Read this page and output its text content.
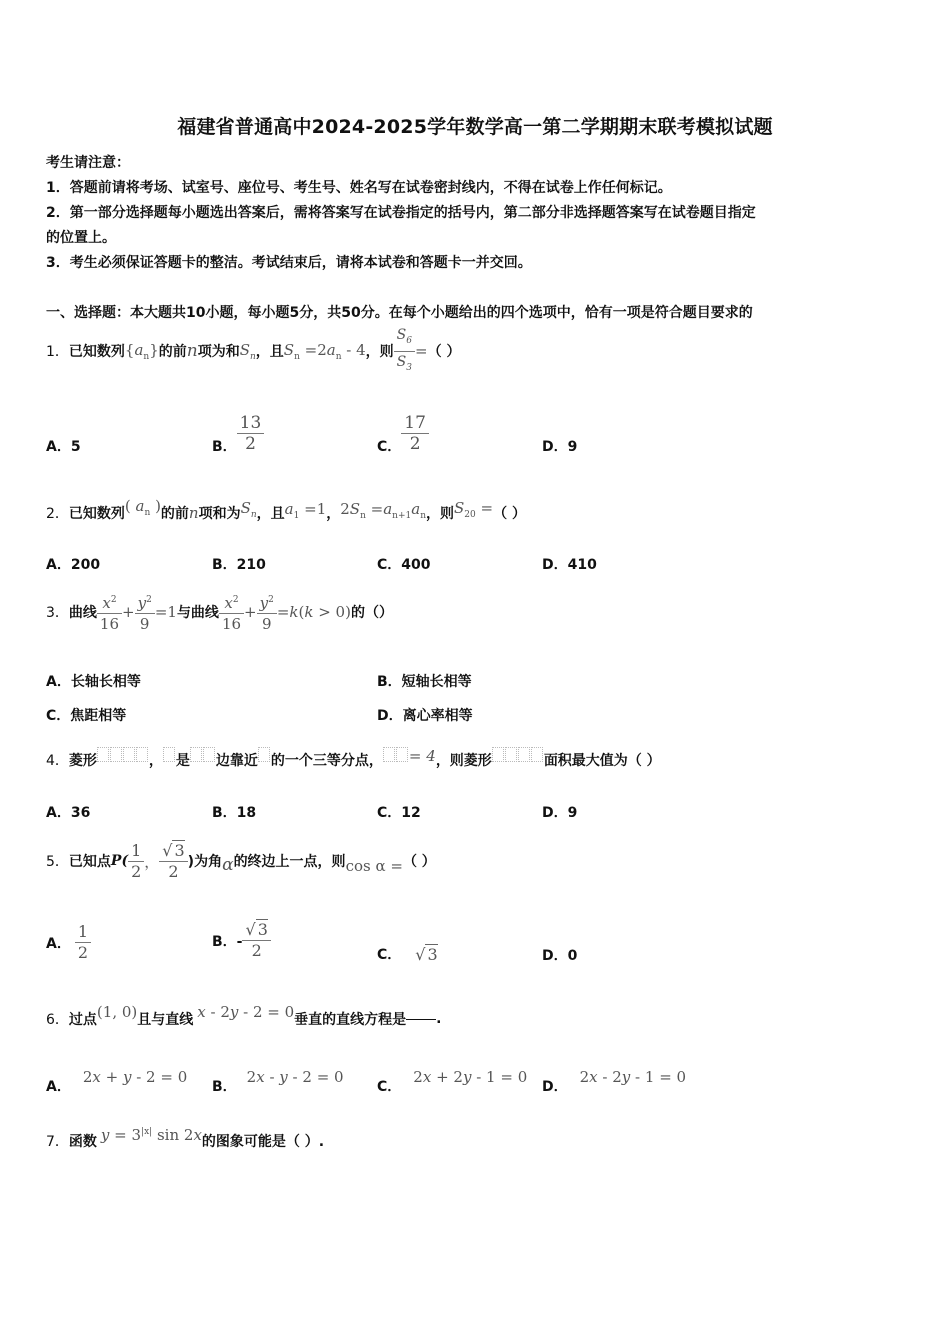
福建省普通高中2024-2025学年数学高一第二学期期末联考模拟试题
考生请注意：
1．答题前请将考场、试室号、座位号、考生号、姓名写在试卷密封线内，不得在试卷上作任何标记。
2．第一部分选择题每小题选出答案后，需将答案写在试卷指定的括号内，第二部分非选择题答案写在试卷题目指定
的位置上。
3．考生必须保证答题卡的整洁。考试结束后，请将本试卷和答题卡一并交回。
一、选择题：本大题共10小题，每小题5分，共50分。在每个小题给出的四个选项中，恰有一项是符合题目要求的
1． 已知数列 $\{a_n\}$ 的前 n 项为和 $S_n$ ，且 $S_n =2a_n - 4$ ，则 $\frac{S_6}{S_3}$ = （ ）
A．5	B． $\frac{13}{2}$	C． $\frac{17}{2}$	D．9
2． 已知数列 ( $a_n$ ) 的前 n 项和为 $S_n$ ，且 $a_1 =1$ ， $2S_n =a_{n+1}a_n$ ，则 $S_{20}$ = （ ）
A．200	B．210	C．400	D．410
3． 曲线 $\frac{x^2}{16} + \frac{y^2}{9} =1$ 与曲线 $\frac{x^2}{16} + \frac{y^2}{9} =k(k > 0)$ 的（）
A．长轴长相等	B．短轴长相等
C．焦距相等	D．离心率相等
4． 菱形	， 是 边靠近 的一个三等分点， = 4 ，则菱形	面积最大值为（ ）
A．36	B．18	C．12	D．9
5． 已知点 $P( \frac{1}{2}$ ， $\frac{√ 3}{2}$ )为角 α 的终边上一点，则 cos α = （ ）
A． $\frac{1}{2}$	B．- $\frac{√ 3}{2}$	C． √ 3	D．0
6． 过点 (1, 0) 且与直线 x - 2y - 2 = 0 垂直的直线方程是 .
A．
2x + y - 2 = 0
B．
2x - y - 2 = 0
C．
2x + 2y - 1 = 0
D．
2x - 2y - 1 = 0
7． 函数 $y = 3^{|x|}$ sin 2x 的图象可能是（ ）.
